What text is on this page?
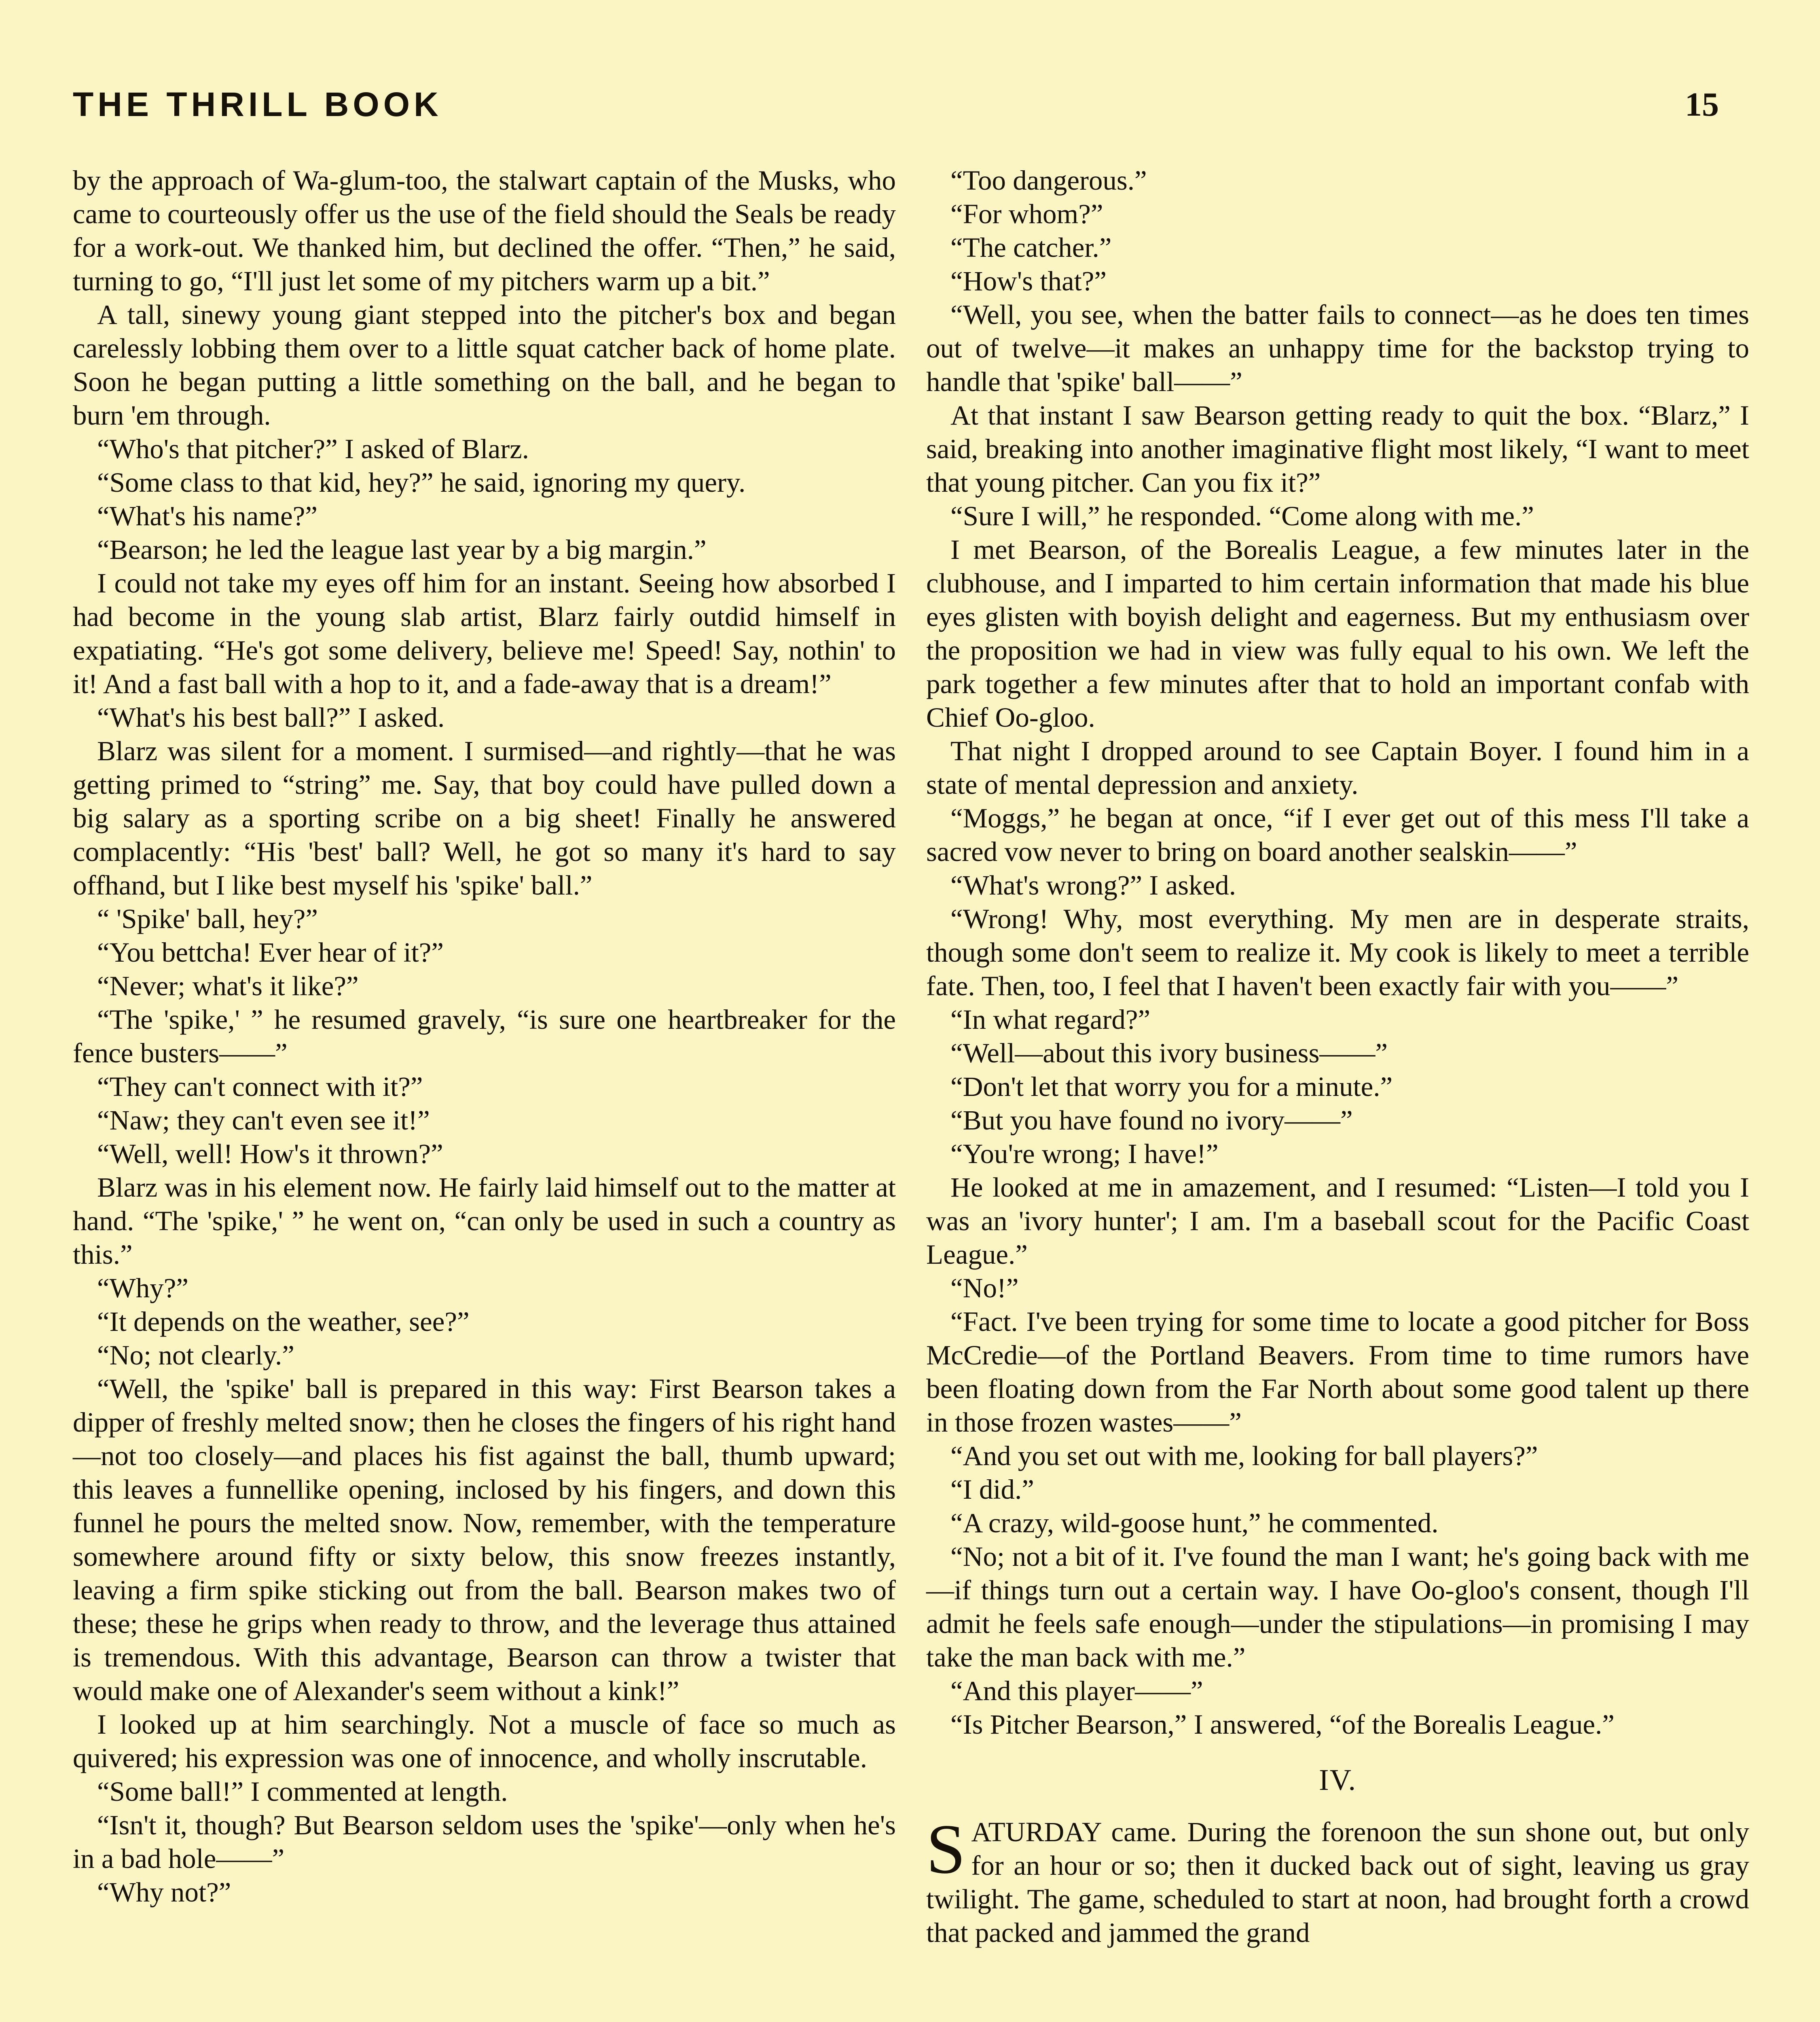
THE THRILL BOOK	15

by the approach of Wa-glum-too, the stalwart captain of the Musks, who came to courteously offer us the use of the field should the Seals be ready for a work-out. We thanked him, but declined the offer. “Then,” he said, turning to go, “I'll just let some of my pitchers warm up a bit.”

A tall, sinewy young giant stepped into the pitcher's box and began carelessly lobbing them over to a little squat catcher back of home plate. Soon he began putting a little something on the ball, and he began to burn 'em through.

“Who's that pitcher?” I asked of Blarz.

“Some class to that kid, hey?” he said, ignoring my query.

“What's his name?”

“Bearson; he led the league last year by a big margin.”

I could not take my eyes off him for an instant. Seeing how absorbed I had become in the young slab artist, Blarz fairly outdid himself in expatiating. “He's got some delivery, believe me! Speed! Say, nothin' to it! And a fast ball with a hop to it, and a fade-away that is a dream!”

“What's his best ball?” I asked.

Blarz was silent for a moment. I surmised—and rightly—that he was getting primed to “string” me. Say, that boy could have pulled down a big salary as a sporting scribe on a big sheet! Finally he answered complacently: “His 'best' ball? Well, he got so many it's hard to say offhand, but I like best myself his 'spike' ball.”

“ 'Spike' ball, hey?”

“You bettcha! Ever hear of it?”

“Never; what's it like?”

“The 'spike,' ” he resumed gravely, “is sure one heartbreaker for the fence busters——”

“They can't connect with it?”

“Naw; they can't even see it!”

“Well, well! How's it thrown?”

Blarz was in his element now. He fairly laid himself out to the matter at hand. “The 'spike,' ” he went on, “can only be used in such a country as this.”

“Why?”

“It depends on the weather, see?”

“No; not clearly.”

“Well, the 'spike' ball is prepared in this way: First Bearson takes a dipper of freshly melted snow; then he closes the fingers of his right hand—not too closely—and places his fist against the ball, thumb upward; this leaves a funnellike opening, inclosed by his fingers, and down this funnel he pours the melted snow. Now, remember, with the temperature somewhere around fifty or sixty below, this snow freezes instantly, leaving a firm spike sticking out from the ball. Bearson makes two of these; these he grips when ready to throw, and the leverage thus attained is tremendous. With this advantage, Bearson can throw a twister that would make one of Alexander's seem without a kink!”

I looked up at him searchingly. Not a muscle of face so much as quivered; his expression was one of innocence, and wholly inscrutable.

“Some ball!” I commented at length.

“Isn't it, though? But Bearson seldom uses the 'spike'—only when he's in a bad hole——”

“Why not?”

“Too dangerous.”

“For whom?”

“The catcher.”

“How's that?”

“Well, you see, when the batter fails to connect—as he does ten times out of twelve—it makes an unhappy time for the backstop trying to handle that 'spike' ball——”

At that instant I saw Bearson getting ready to quit the box. “Blarz,” I said, breaking into another imaginative flight most likely, “I want to meet that young pitcher. Can you fix it?”

“Sure I will,” he responded. “Come along with me.”

I met Bearson, of the Borealis League, a few minutes later in the clubhouse, and I imparted to him certain information that made his blue eyes glisten with boyish delight and eagerness. But my enthusiasm over the proposition we had in view was fully equal to his own. We left the park together a few minutes after that to hold an important confab with Chief Oo-gloo.

That night I dropped around to see Captain Boyer. I found him in a state of mental depression and anxiety.

“Moggs,” he began at once, “if I ever get out of this mess I'll take a sacred vow never to bring on board another sealskin——”

“What's wrong?” I asked.

“Wrong! Why, most everything. My men are in desperate straits, though some don't seem to realize it. My cook is likely to meet a terrible fate. Then, too, I feel that I haven't been exactly fair with you——”

“In what regard?”

“Well—about this ivory business——”

“Don't let that worry you for a minute.”

“But you have found no ivory——”

“You're wrong; I have!”

He looked at me in amazement, and I resumed: “Listen—I told you I was an 'ivory hunter'; I am. I'm a baseball scout for the Pacific Coast League.”

“No!”

“Fact. I've been trying for some time to locate a good pitcher for Boss McCredie—of the Portland Beavers. From time to time rumors have been floating down from the Far North about some good talent up there in those frozen wastes——”

“And you set out with me, looking for ball players?”

“I did.”

“A crazy, wild-goose hunt,” he commented.

“No; not a bit of it. I've found the man I want; he's going back with me—if things turn out a certain way. I have Oo-gloo's consent, though I'll admit he feels safe enough—under the stipulations—in promising I may take the man back with me.”

“And this player——”

“Is Pitcher Bearson,” I answered, “of the Borealis League.”

IV.

SATURDAY came. During the forenoon the sun shone out, but only for an hour or so; then it ducked back out of sight, leaving us gray twilight. The game, scheduled to start at noon, had brought forth a crowd that packed and jammed the grand
